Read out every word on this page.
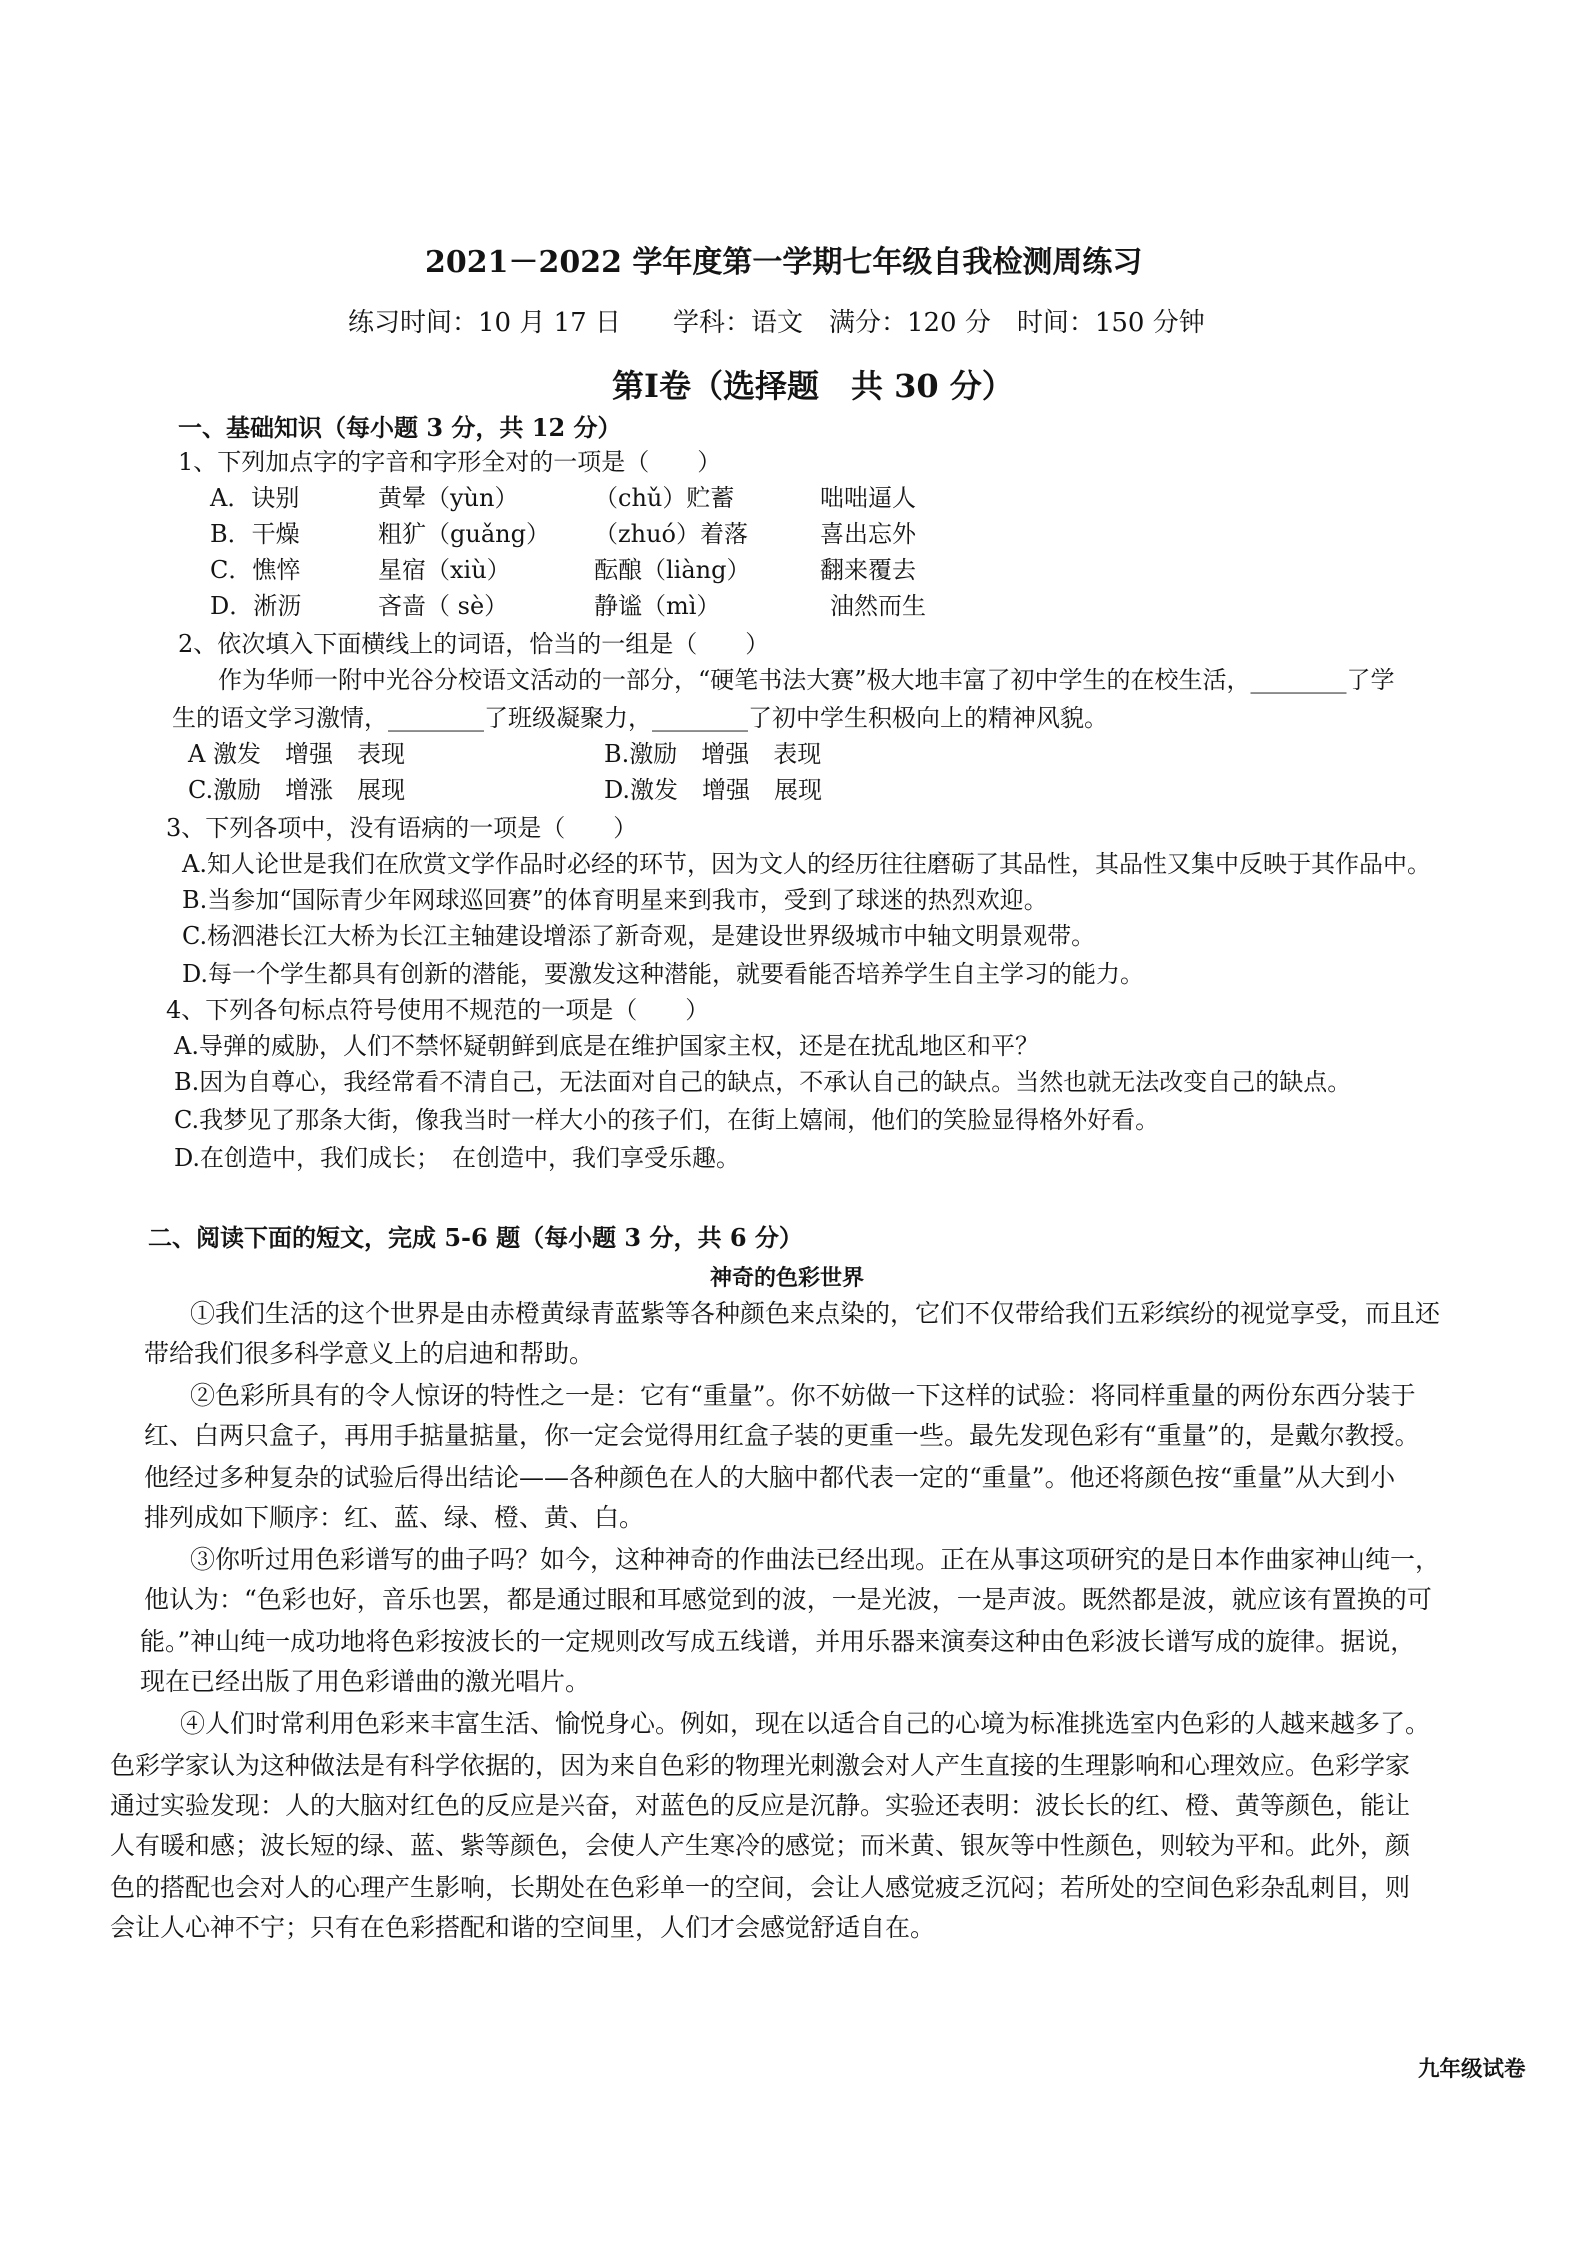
2021－2022 学年度第一学期七年级自我检测周练习
练习时间：10 月 17 日　　学科：语文　满分：120 分　时间：150 分钟
第Ⅰ卷（选择题　共 30 分）
一、基础知识（每小题 3 分，共 12 分）
1、下列加点字的字音和字形全对的一项是（　　）
A．诀别	黄晕（yùn）	（chǔ）贮蓄	咄咄逼人
B．干燥	粗犷（guǎng） （zhuó）着落	喜出忘外
C．憔悴	星宿（xiù）	酝酿（liàng）	翻来覆去
D．淅沥	吝啬（ sè）	静谧（mì）	油然而生
2、依次填入下面横线上的词语，恰当的一组是（　　）
作为华师一附中光谷分校语文活动的一部分，“硬笔书法大赛”极大地丰富了初中学生的在校生活，________了学
生的语文学习激情，________了班级凝聚力，________了初中学生积极向上的精神风貌。
A 激发　增强　表现	B.激励　增强　表现
C.激励　增涨　展现	D.激发　增强　展现
3、下列各项中，没有语病的一项是（　　）
A.知人论世是我们在欣赏文学作品时必经的环节，因为文人的经历往往磨砺了其品性，其品性又集中反映于其作品中。
B.当参加“国际青少年网球巡回赛”的体育明星来到我市，受到了球迷的热烈欢迎。
C.杨泗港长江大桥为长江主轴建设增添了新奇观，是建设世界级城市中轴文明景观带。
D.每一个学生都具有创新的潜能，要激发这种潜能，就要看能否培养学生自主学习的能力。
4、下列各句标点符号使用不规范的一项是（　　）
A.导弹的威胁，人们不禁怀疑朝鲜到底是在维护国家主权，还是在扰乱地区和平？
B.因为自尊心，我经常看不清自己，无法面对自己的缺点，不承认自己的缺点。当然也就无法改变自己的缺点。
C.我梦见了那条大街，像我当时一样大小的孩子们，在街上嬉闹，他们的笑脸显得格外好看。
D.在创造中，我们成长；　在创造中，我们享受乐趣。
二、阅读下面的短文，完成 5-6 题（每小题 3 分，共 6 分）
神奇的色彩世界
①我们生活的这个世界是由赤橙黄绿青蓝紫等各种颜色来点染的，它们不仅带给我们五彩缤纷的视觉享受，而且还
带给我们很多科学意义上的启迪和帮助。
②色彩所具有的令人惊讶的特性之一是：它有“重量”。你不妨做一下这样的试验：将同样重量的两份东西分装于
红、白两只盒子，再用手掂量掂量，你一定会觉得用红盒子装的更重一些。最先发现色彩有“重量”的，是戴尔教授。
他经过多种复杂的试验后得出结论——各种颜色在人的大脑中都代表一定的“重量”。他还将颜色按“重量”从大到小
排列成如下顺序：红、蓝、绿、橙、黄、白。
③你听过用色彩谱写的曲子吗？如今，这种神奇的作曲法已经出现。正在从事这项研究的是日本作曲家神山纯一，
他认为：“色彩也好，音乐也罢，都是通过眼和耳感觉到的波，一是光波，一是声波。既然都是波，就应该有置换的可
能。”神山纯一成功地将色彩按波长的一定规则改写成五线谱，并用乐器来演奏这种由色彩波长谱写成的旋律。据说，
现在已经出版了用色彩谱曲的激光唱片。
④人们时常利用色彩来丰富生活、愉悦身心。例如，现在以适合自己的心境为标准挑选室内色彩的人越来越多了。
色彩学家认为这种做法是有科学依据的，因为来自色彩的物理光刺激会对人产生直接的生理影响和心理效应。色彩学家
通过实验发现：人的大脑对红色的反应是兴奋，对蓝色的反应是沉静。实验还表明：波长长的红、橙、黄等颜色，能让
人有暖和感；波长短的绿、蓝、紫等颜色，会使人产生寒冷的感觉；而米黄、银灰等中性颜色，则较为平和。此外，颜
色的搭配也会对人的心理产生影响，长期处在色彩单一的空间，会让人感觉疲乏沉闷；若所处的空间色彩杂乱刺目，则
会让人心神不宁；只有在色彩搭配和谐的空间里，人们才会感觉舒适自在。
九年级试卷
